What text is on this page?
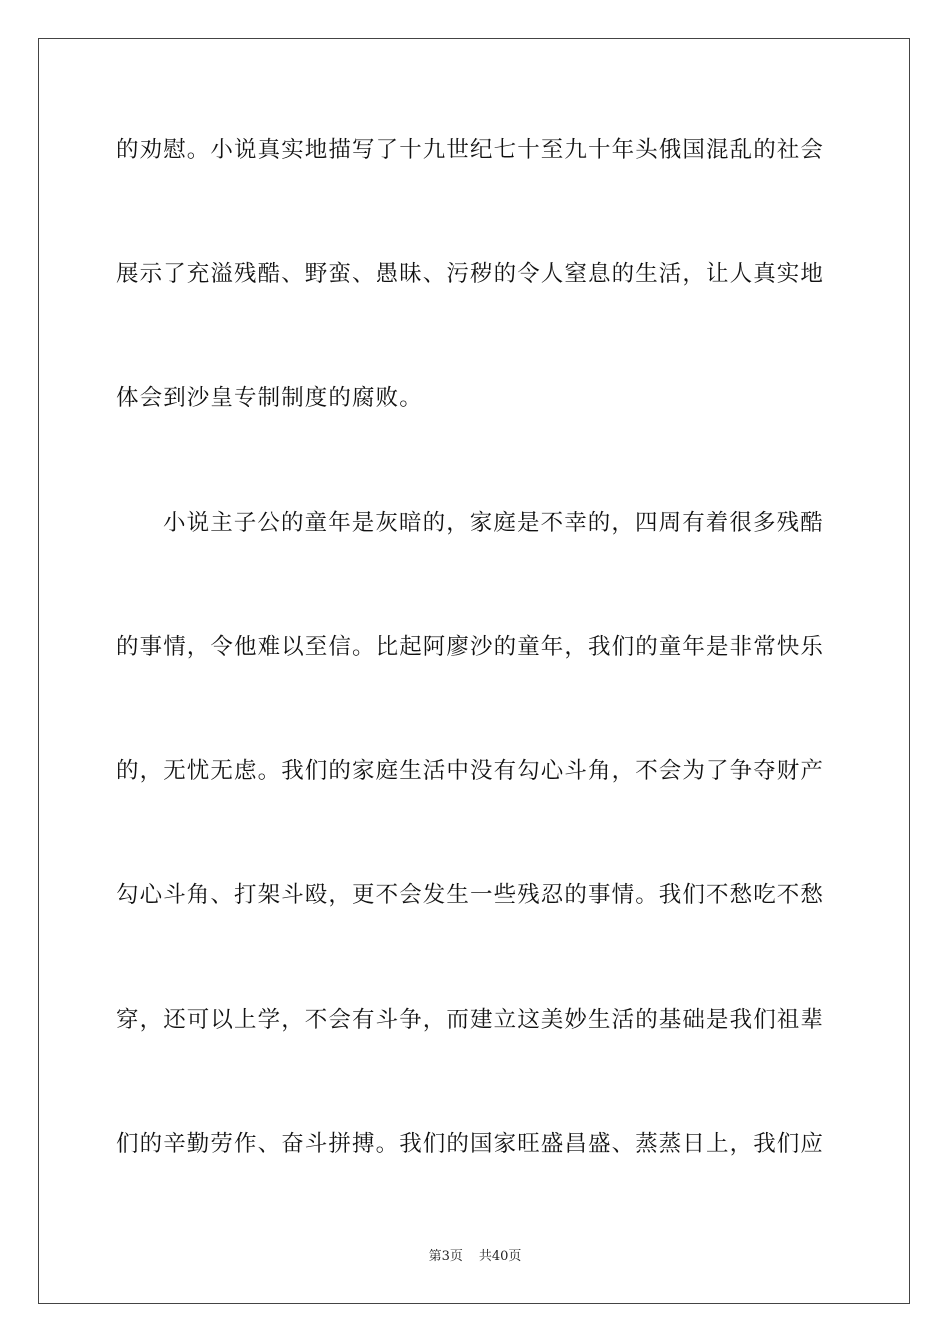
的劝慰。小说真实地描写了十九世纪七十至九十年头俄国混乱的社会
展示了充溢残酷、野蛮、愚昧、污秽的令人窒息的生活，让人真实地
体会到沙皇专制制度的腐败。
小说主子公的童年是灰暗的，家庭是不幸的，四周有着很多残酷
的事情，令他难以至信。比起阿廖沙的童年，我们的童年是非常快乐
的，无忧无虑。我们的家庭生活中没有勾心斗角，不会为了争夺财产
勾心斗角、打架斗殴，更不会发生一些残忍的事情。我们不愁吃不愁
穿，还可以上学，不会有斗争，而建立这美妙生活的基础是我们祖辈
们的辛勤劳作、奋斗拼搏。我们的国家旺盛昌盛、蒸蒸日上，我们应
第3页 共40页
